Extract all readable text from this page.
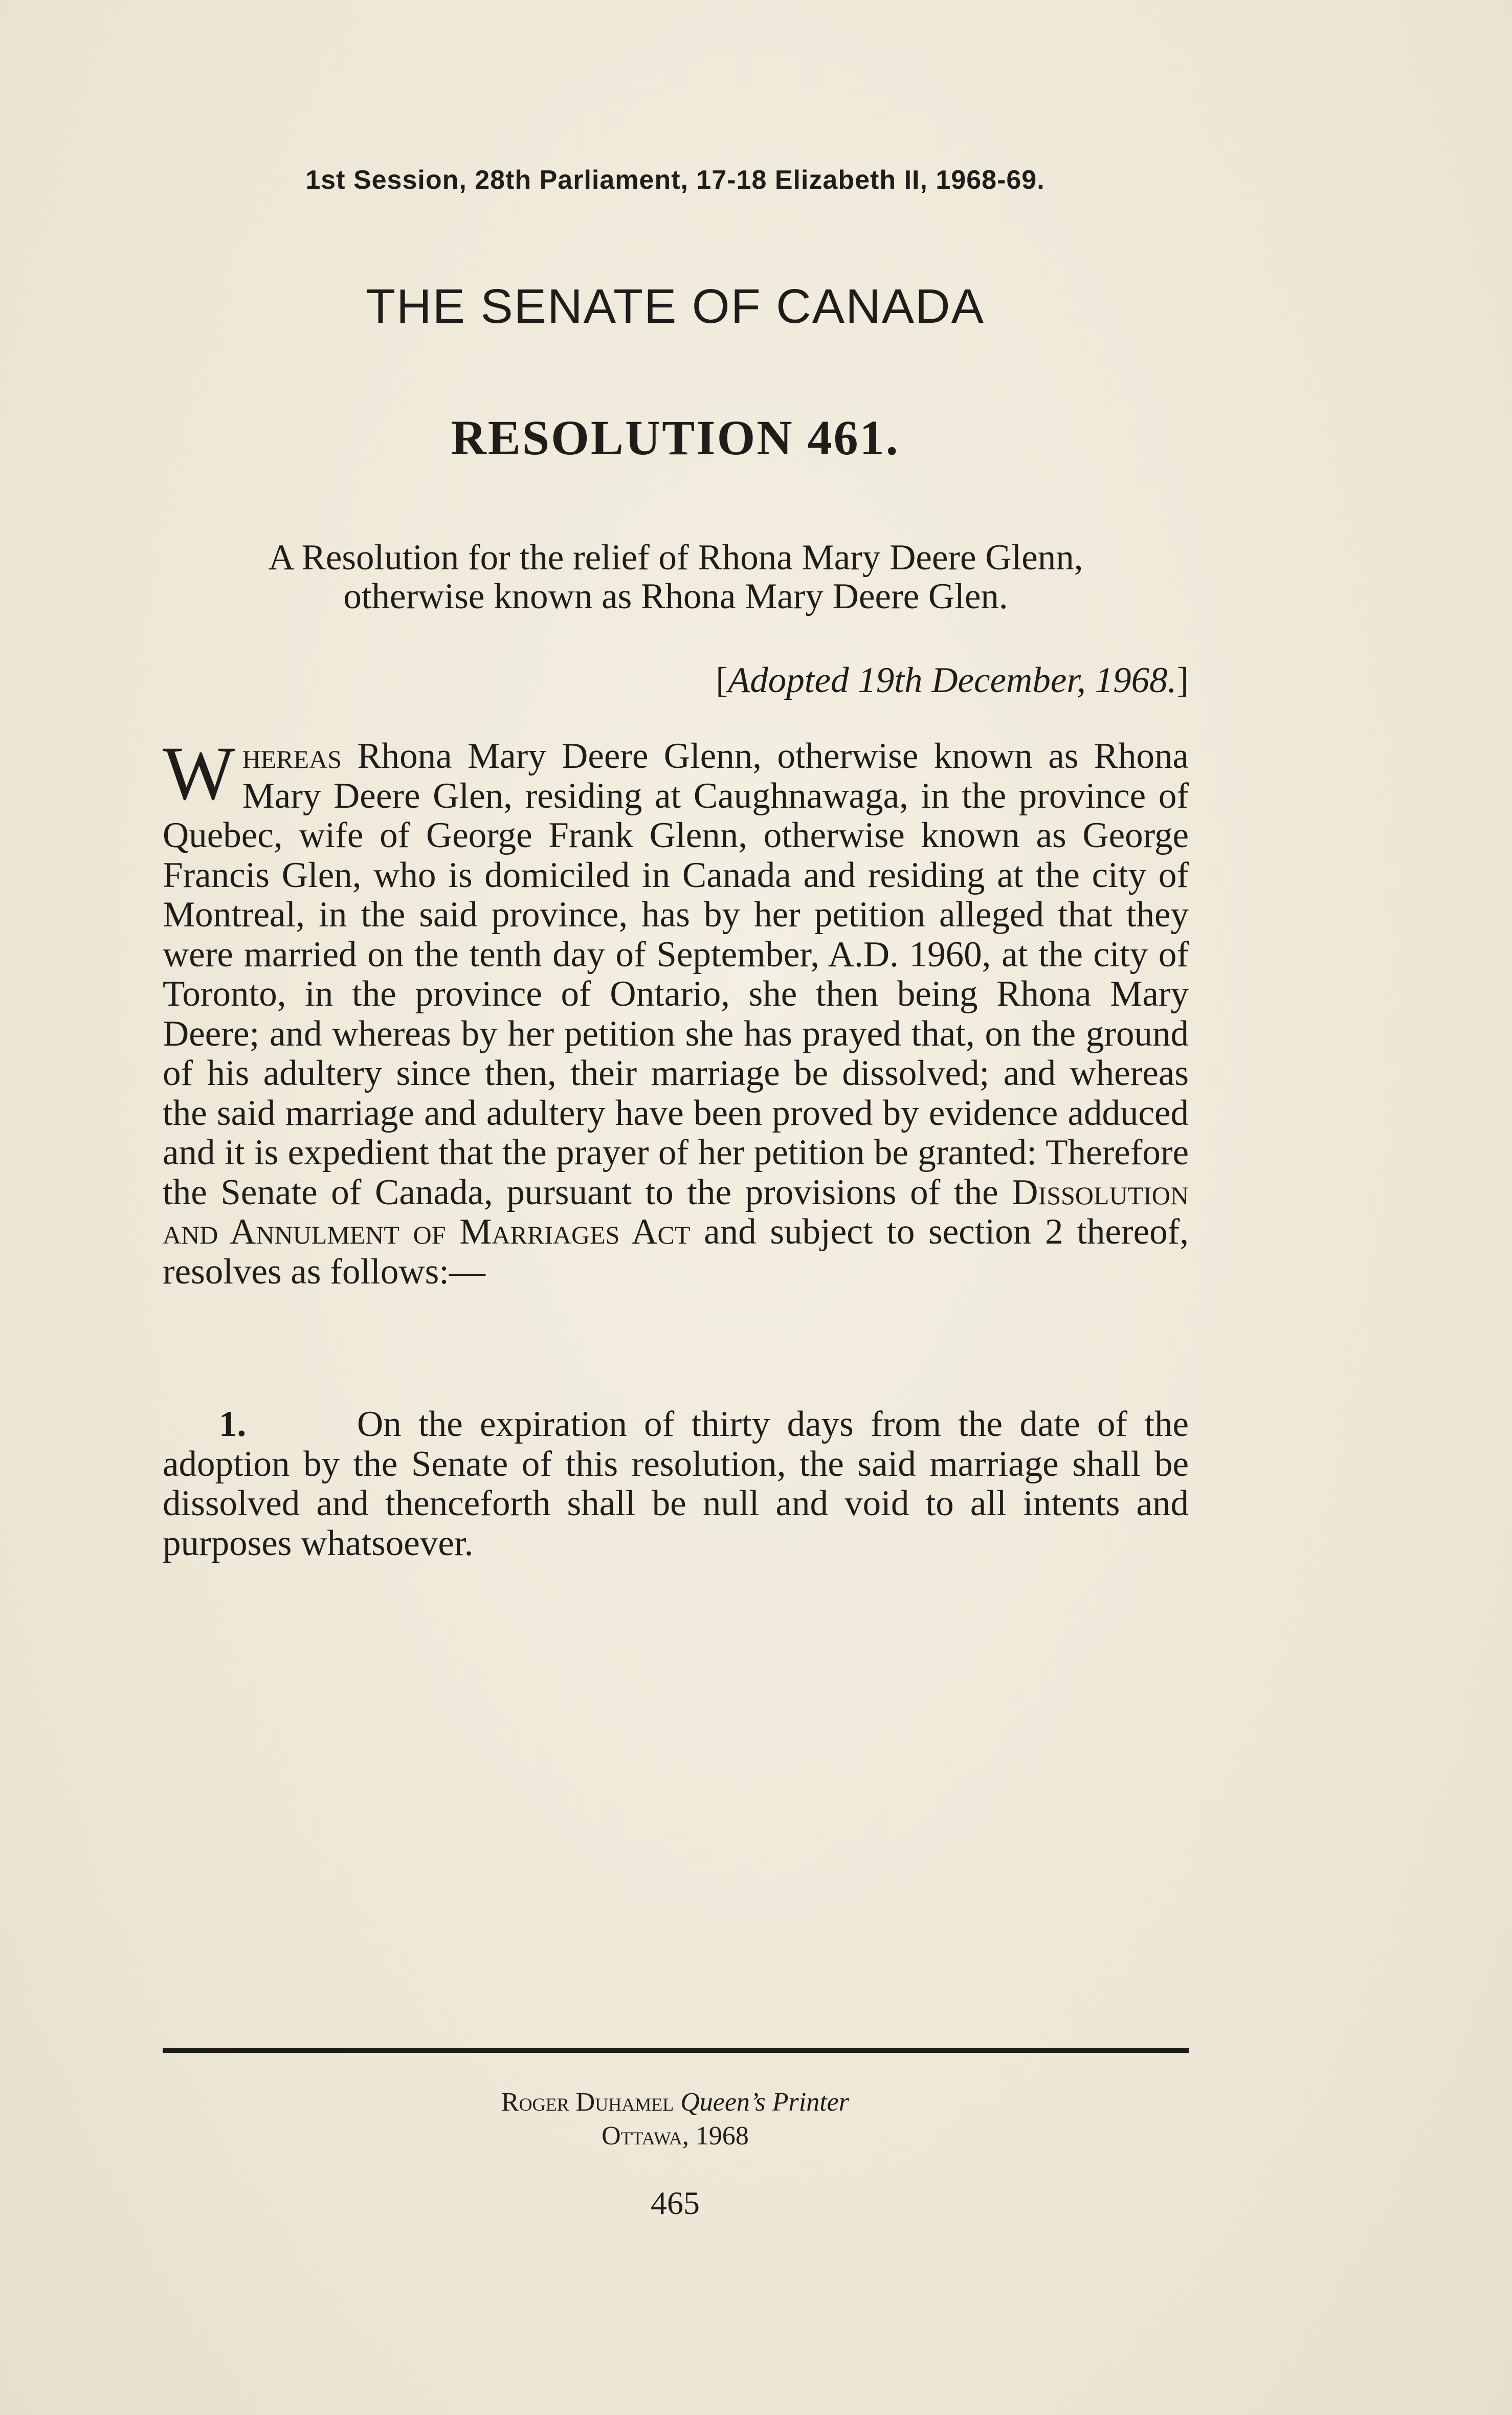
1st Session, 28th Parliament, 17-18 Elizabeth II, 1968-69.
THE SENATE OF CANADA
RESOLUTION 461.
A Resolution for the relief of Rhona Mary Deere Glenn,
otherwise known as Rhona Mary Deere Glen.
[Adopted 19th December, 1968.]
Whereas Rhona Mary Deere Glenn, otherwise known as Rhona Mary Deere Glen, residing at Caughnawaga, in the province of Quebec, wife of George Frank Glenn, otherwise known as George Francis Glen, who is domiciled in Canada and residing at the city of Montreal, in the said province, has by her petition alleged that they were married on the tenth day of September, A.D. 1960, at the city of Toronto, in the province of Ontario, she then being Rhona Mary Deere; and whereas by her petition she has prayed that, on the ground of his adultery since then, their marriage be dissolved; and whereas the said marriage and adultery have been proved by evidence adduced and it is expedient that the prayer of her petition be granted: Therefore the Senate of Canada, pursuant to the provisions of the Dissolution and Annulment of Marriages Act and subject to section 2 thereof, resolves as follows:—
1.	On the expiration of thirty days from the date of the adoption by the Senate of this resolution, the said marriage shall be dissolved and thenceforth shall be null and void to all intents and purposes whatsoever.
Roger Duhamel Queen’s Printer
Ottawa, 1968
465
